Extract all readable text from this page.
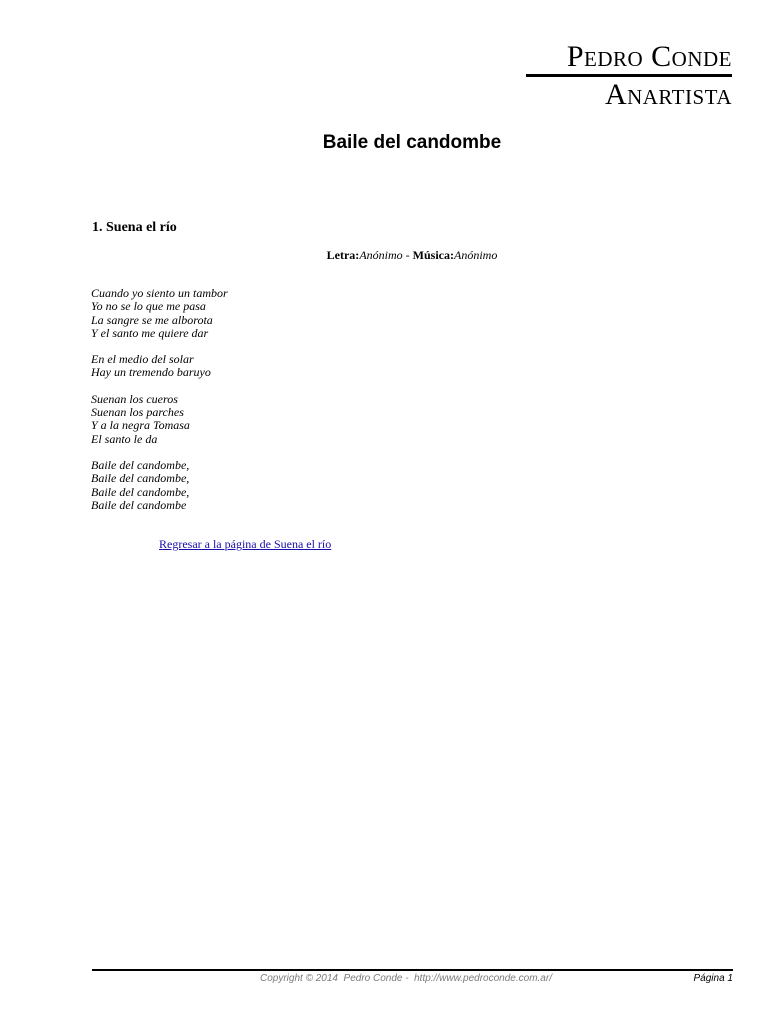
Pedro Conde
Anartista
Baile del candombe
1. Suena el río
Letra:Anónimo - Música:Anónimo
Cuando yo siento un tambor
Yo no se lo que me pasa
La sangre se me alborota
Y el santo me quiere dar
En el medio del solar
Hay un tremendo baruyo
Suenan los cueros
Suenan los parches
Y a la negra Tomasa
El santo le da
Baile del candombe,
Baile del candombe,
Baile del candombe,
Baile del candombe
Regresar a la página de Suena el río
Copyright © 2014  Pedro Conde -  http://www.pedroconde.com.ar/	Página 1
